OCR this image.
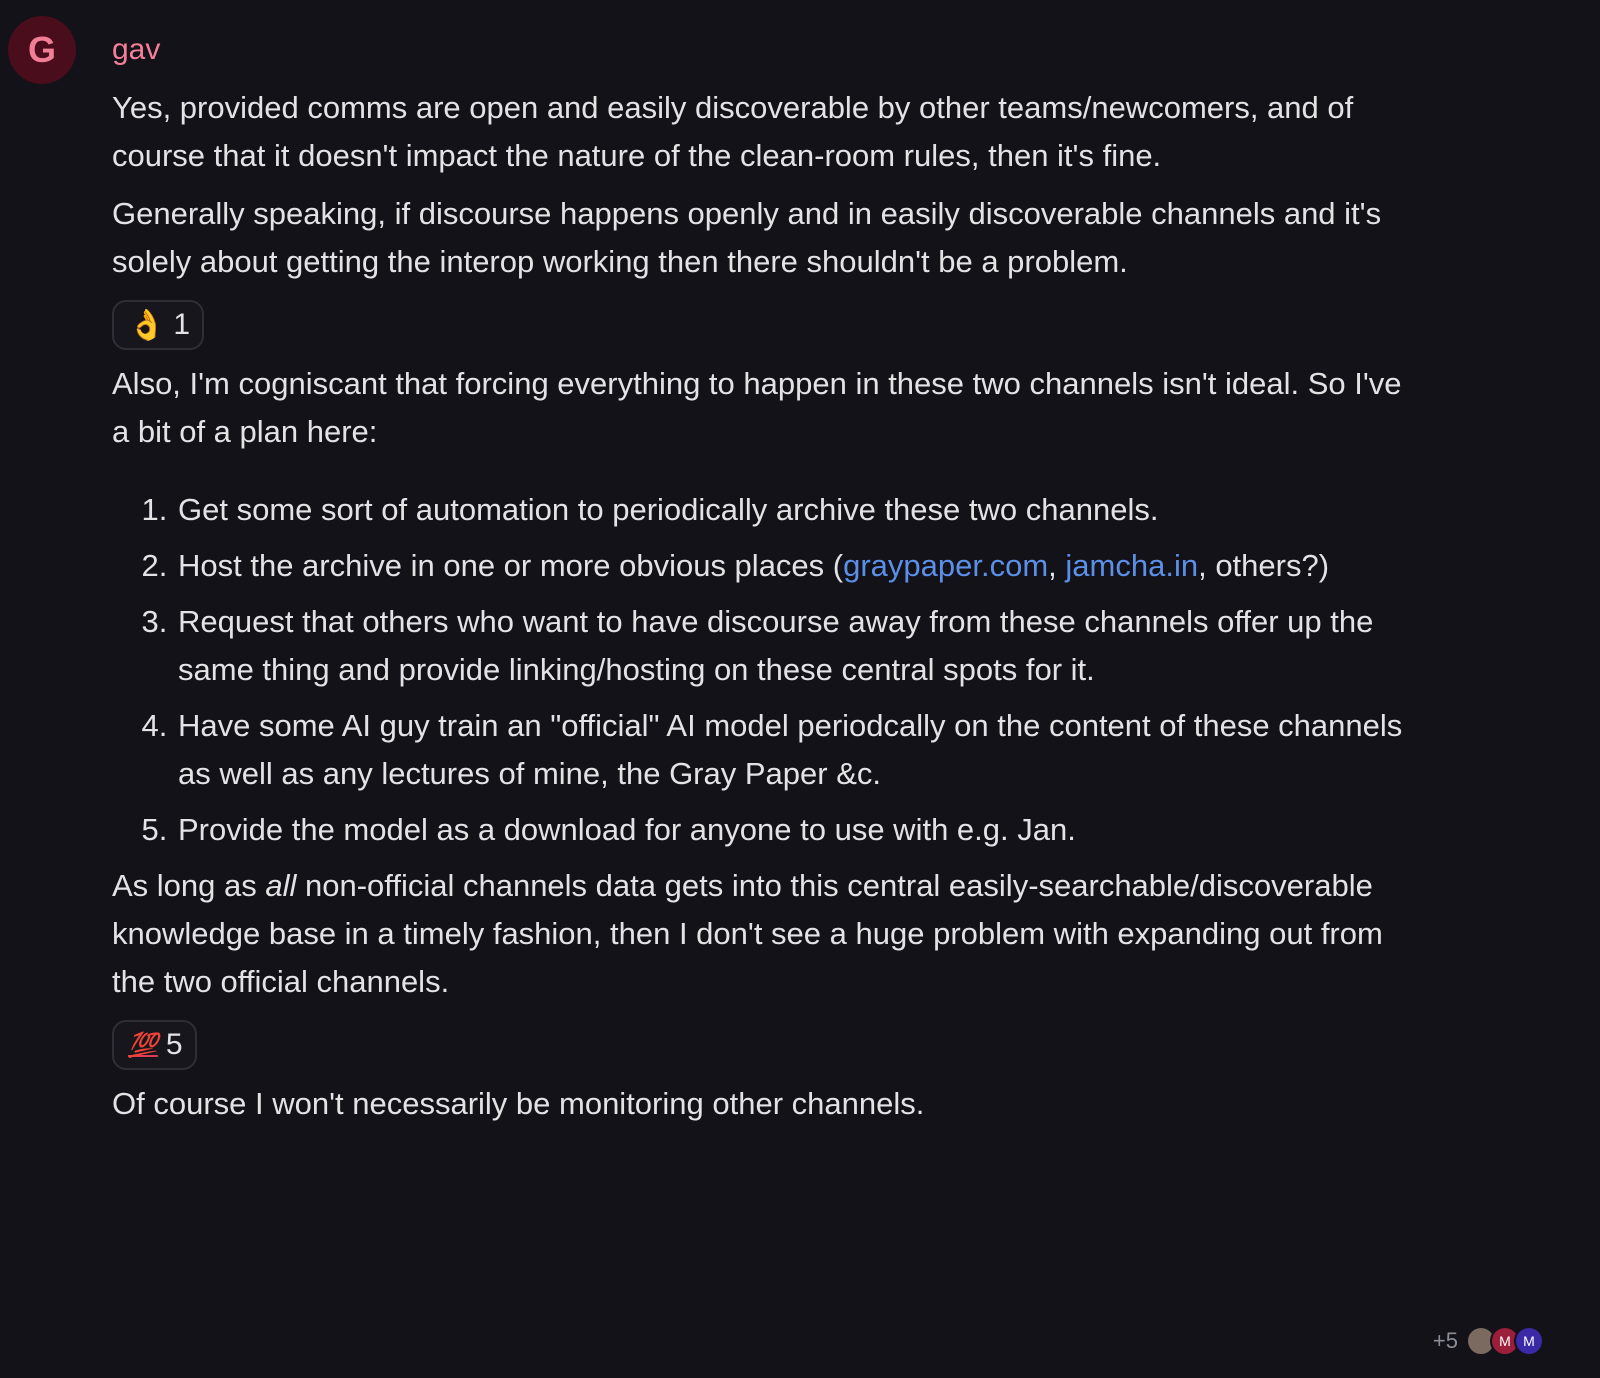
G	gav

Yes, provided comms are open and easily discoverable by other teams/newcomers, and of course that it doesn't impact the nature of the clean-room rules, then it's fine.

Generally speaking, if discourse happens openly and in easily discoverable channels and it's solely about getting the interop working then there shouldn't be a problem.

👌 1

Also, I'm cogniscant that forcing everything to happen in these two channels isn't ideal. So I've a bit of a plan here:

1. Get some sort of automation to periodically archive these two channels.
2. Host the archive in one or more obvious places (graypaper.com, jamcha.in, others?)
3. Request that others who want to have discourse away from these channels offer up the same thing and provide linking/hosting on these central spots for it.
4. Have some AI guy train an "official" AI model periodcally on the content of these channels as well as any lectures of mine, the Gray Paper &c.
5. Provide the model as a download for anyone to use with e.g. Jan.

As long as all non-official channels data gets into this central easily-searchable/discoverable knowledge base in a timely fashion, then I don't see a huge problem with expanding out from the two official channels.

💯 5

Of course I won't necessarily be monitoring other channels.

+5	M M
